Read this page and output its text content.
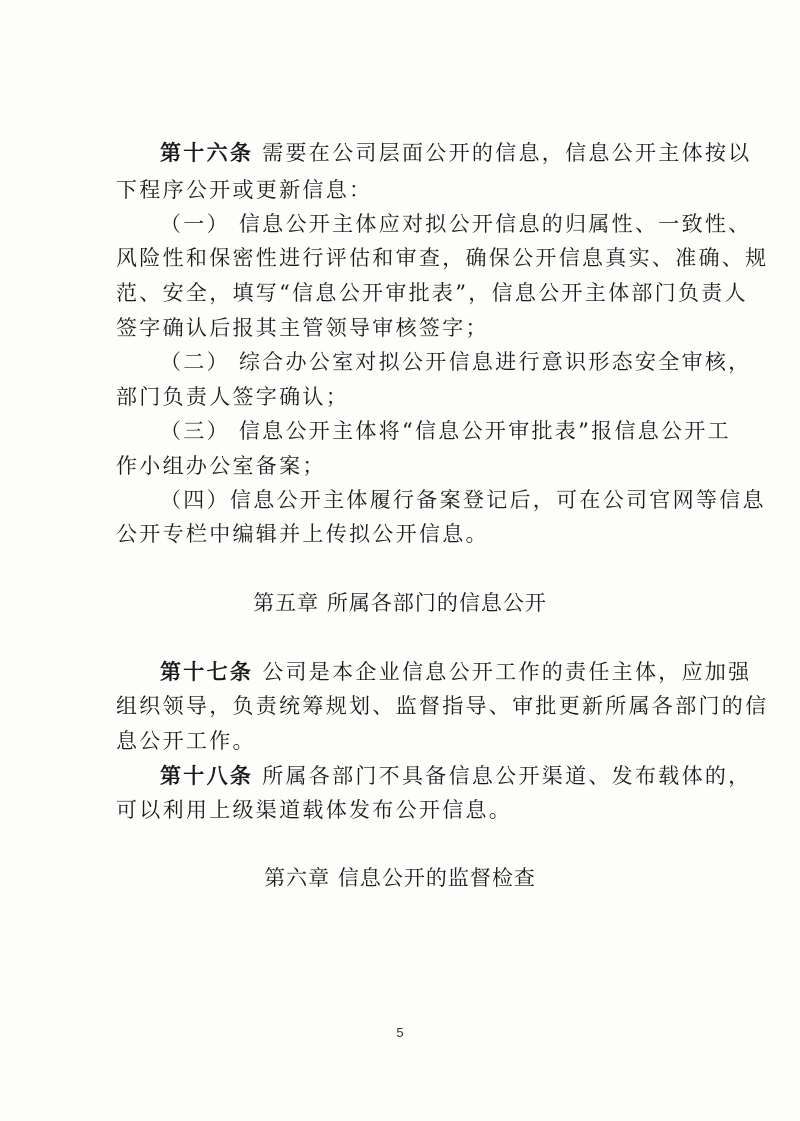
第十六条 需要在公司层面公开的信息，信息公开主体按以
下程序公开或更新信息：
（一） 信息公开主体应对拟公开信息的归属性、一致性、
风险性和保密性进行评估和审查，确保公开信息真实、准确、规
范、安全，填写“信息公开审批表”，信息公开主体部门负责人
签字确认后报其主管领导审核签字；
（二） 综合办公室对拟公开信息进行意识形态安全审核，
部门负责人签字确认；
（三） 信息公开主体将“信息公开审批表”报信息公开工
作小组办公室备案；
（四）信息公开主体履行备案登记后，可在公司官网等信息
公开专栏中编辑并上传拟公开信息。
第五章 所属各部门的信息公开
第十七条 公司是本企业信息公开工作的责任主体，应加强
组织领导，负责统筹规划、监督指导、审批更新所属各部门的信
息公开工作。
第十八条 所属各部门不具备信息公开渠道、发布载体的，
可以利用上级渠道载体发布公开信息。
第六章 信息公开的监督检查
5
